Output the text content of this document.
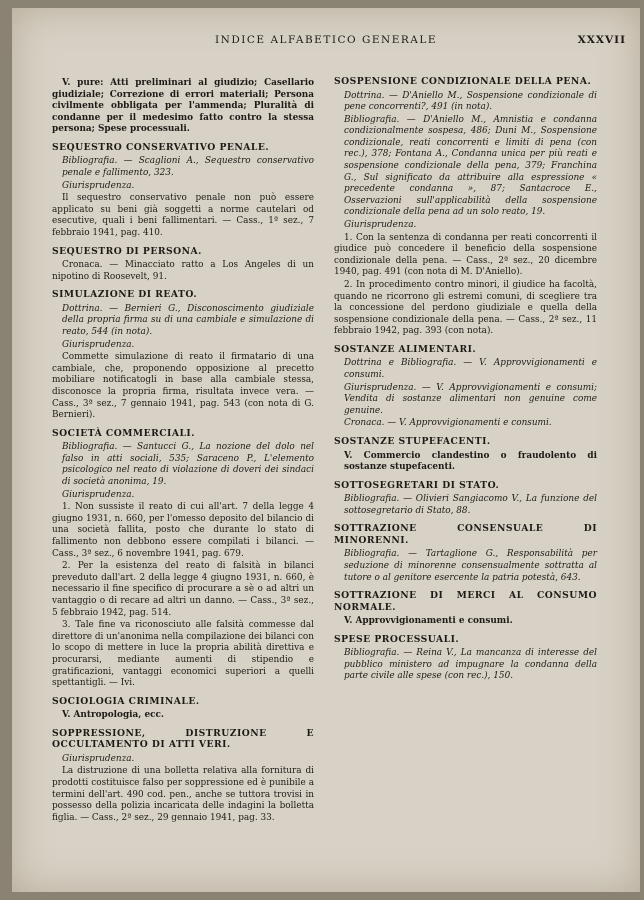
INDICE ALFABETICO GENERALE	XXXVII
V. pure: Atti preliminari al giudizio; Casellario giudiziale; Correzione di errori materiali; Persona civilmente obbligata per l'ammenda; Pluralità di condanne per il medesimo fatto contro la stessa persona; Spese processuali.
SEQUESTRO CONSERVATIVO PENALE.
Bibliografia. — Scaglioni A., Sequestro conservativo penale e fallimento, 323.
Giurisprudenza.
Il sequestro conservativo penale non può essere applicato su beni già soggetti a norme cautelari od esecutive, quali i beni fallimentari. — Cass., 1ª sez., 7 febbraio 1941, pag. 410.
SEQUESTRO DI PERSONA.
Cronaca. — Minacciato ratto a Los Angeles di un nipotino di Roosevelt, 91.
SIMULAZIONE DI REATO.
Dottrina. — Bernieri G., Disconoscimento giudiziale della propria firma su di una cambiale e simulazione di reato, 544 (in nota).
Giurisprudenza.
Commette simulazione di reato il firmatario di una cambiale, che, proponendo opposizione al precetto mobiliare notificatogli in base alla cambiale stessa, disconosce la propria firma, risultata invece vera. — Cass., 3ª sez., 7 gennaio 1941, pag. 543 (con nota di G. Bernieri).
SOCIETÀ COMMERCIALI.
Bibliografia. — Santucci G., La nozione del dolo nel falso in atti sociali, 535; Saraceno P., L'elemento psicologico nel reato di violazione di doveri dei sindaci di società anonima, 19.
Giurisprudenza.
1. Non sussiste il reato di cui all'art. 7 della legge 4 giugno 1931, n. 660, per l'omesso deposito del bilancio di una società fallita, posto che durante lo stato di fallimento non debbono essere compilati i bilanci. — Cass., 3ª sez., 6 novembre 1941, pag. 679.
2. Per la esistenza del reato di falsità in bilanci preveduto dall'art. 2 della legge 4 giugno 1931, n. 660, è necessario il fine specifico di procurare a sè o ad altri un vantaggio o di recare ad altri un danno. — Cass., 3ª sez., 5 febbraio 1942, pag. 514.
3. Tale fine va riconosciuto alle falsità commesse dal direttore di un'anonima nella compilazione dei bilanci con lo scopo di mettere in luce la propria abilità direttiva e procurarsi, mediante aumenti di stipendio e gratificazioni, vantaggi economici superiori a quelli spettantigli. — Ivi.
SOCIOLOGIA CRIMINALE.
V. Antropologia, ecc.
SOPPRESSIONE, DISTRUZIONE E OCCULTAMENTO DI ATTI VERI.
Giurisprudenza.
La distruzione di una bolletta relativa alla fornitura di prodotti costituisce falso per soppressione ed è punibile a termini dell'art. 490 cod. pen., anche se tuttora trovisi in possesso della polizia incaricata delle indagini la bolletta figlia. — Cass., 2ª sez., 29 gennaio 1941, pag. 33.
SOSPENSIONE CONDIZIONALE DELLA PENA.
Dottrina. — D'Aniello M., Sospensione condizionale di pene concorrenti?, 491 (in nota).
Bibliografia. — D'Aniello M., Amnistia e condanna condizionalmente sospesa, 486; Duni M., Sospensione condizionale, reati concorrenti e limiti di pena (con rec.), 378; Fontana A., Condanna unica per più reati e sospensione condizionale della pena, 379; Franchina G., Sul significato da attribuire alla espressione « precedente condanna », 87; Santacroce E., Osservazioni sull'applicabilità della sospensione condizionale della pena ad un solo reato, 19.
Giurisprudenza.
1. Con la sentenza di condanna per reati concorrenti il giudice può concedere il beneficio della sospensione condizionale della pena. — Cass., 2ª sez., 20 dicembre 1940, pag. 491 (con nota di M. D'Aniello).
2. In procedimento contro minori, il giudice ha facoltà, quando ne ricorrono gli estremi comuni, di scegliere tra la concessione del perdono giudiziale e quella della sospensione condizionale della pena. — Cass., 2ª sez., 11 febbraio 1942, pag. 393 (con nota).
SOSTANZE ALIMENTARI.
Dottrina e Bibliografia. — V. Approvvigionamenti e consumi.
Giurisprudenza. — V. Approvvigionamenti e consumi; Vendita di sostanze alimentari non genuine come genuine.
Cronaca. — V. Approvvigionamenti e consumi.
SOSTANZE STUPEFACENTI.
V. Commercio clandestino o fraudolento di sostanze stupefacenti.
SOTTOSEGRETARI DI STATO.
Bibliografia. — Olivieri Sangiacomo V., La funzione del sottosegretario di Stato, 88.
SOTTRAZIONE CONSENSUALE DI MINORENNI.
Bibliografia. — Tartaglione G., Responsabilità per seduzione di minorenne consensualmente sottratta al tutore o al genitore esercente la patria potestà, 643.
SOTTRAZIONE DI MERCI AL CONSUMO NORMALE.
V. Approvvigionamenti e consumi.
SPESE PROCESSUALI.
Bibliografia. — Reina V., La mancanza di interesse del pubblico ministero ad impugnare la condanna della parte civile alle spese (con rec.), 150.
